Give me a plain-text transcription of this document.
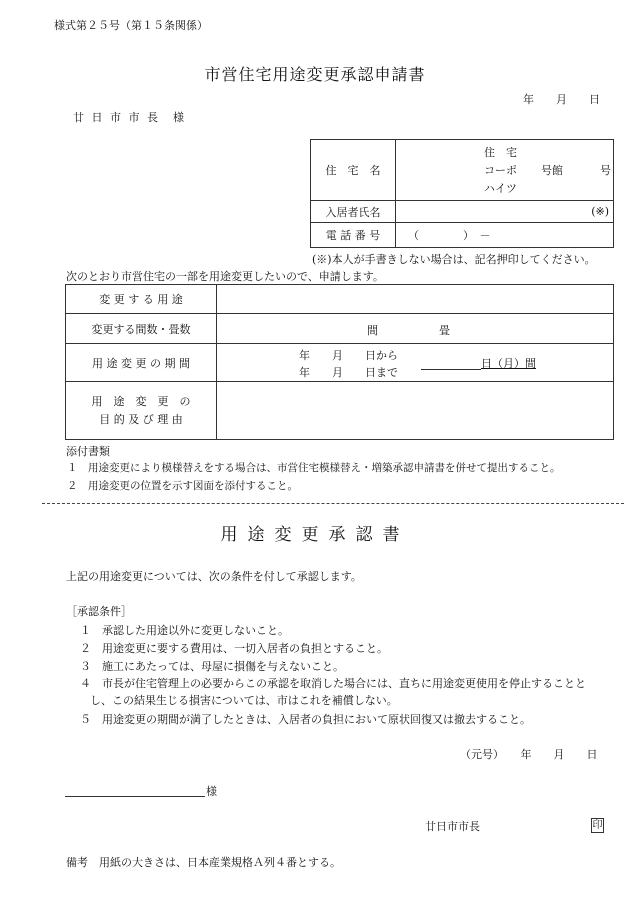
様式第２５号（第１５条関係）
市営住宅用途変更承認申請書
年　　月　　日
廿 日 市 市 長　様
住　宅　名	住　宅
コーポ
ハイツ
号館 号

入居者氏名	(※)

電 話 番 号	（　　　　）　－
(※)本人が手書きしない場合は、記名押印してください。
次のとおり市営住宅の一部を用途変更したいので、申請します。
変 更 す る 用 途	
変更する間数・畳数	間 畳

用 途 変 更 の 期 間	年　　月　　日から
年　　月　　日まで
日（月）間

用　途　変　更　の
目 的 及 び 理 由	

添付書類
１　用途変更により模様替えをする場合は、市営住宅模様替え・増築承認申請書を併せて提出すること。
２　用途変更の位置を示す図面を添付すること。
用途変更承認書
上記の用途変更については、次の条件を付して承認します。
［承認条件］
１　承認した用途以外に変更しないこと。
２　用途変更に要する費用は、一切入居者の負担とすること。
３　施工にあたっては、母屋に損傷を与えないこと。
４　市長が住宅管理上の必要からこの承認を取消した場合には、直ちに用途変更使用を停止することと
し、この結果生じる損害については、市はこれを補償しない。
５　用途変更の期間が満了したときは、入居者の負担において原状回復又は撤去すること。
（元号）　　年　　月　　日
様
廿日市市長	印
備考　用紙の大きさは、日本産業規格Ａ列４番とする。
